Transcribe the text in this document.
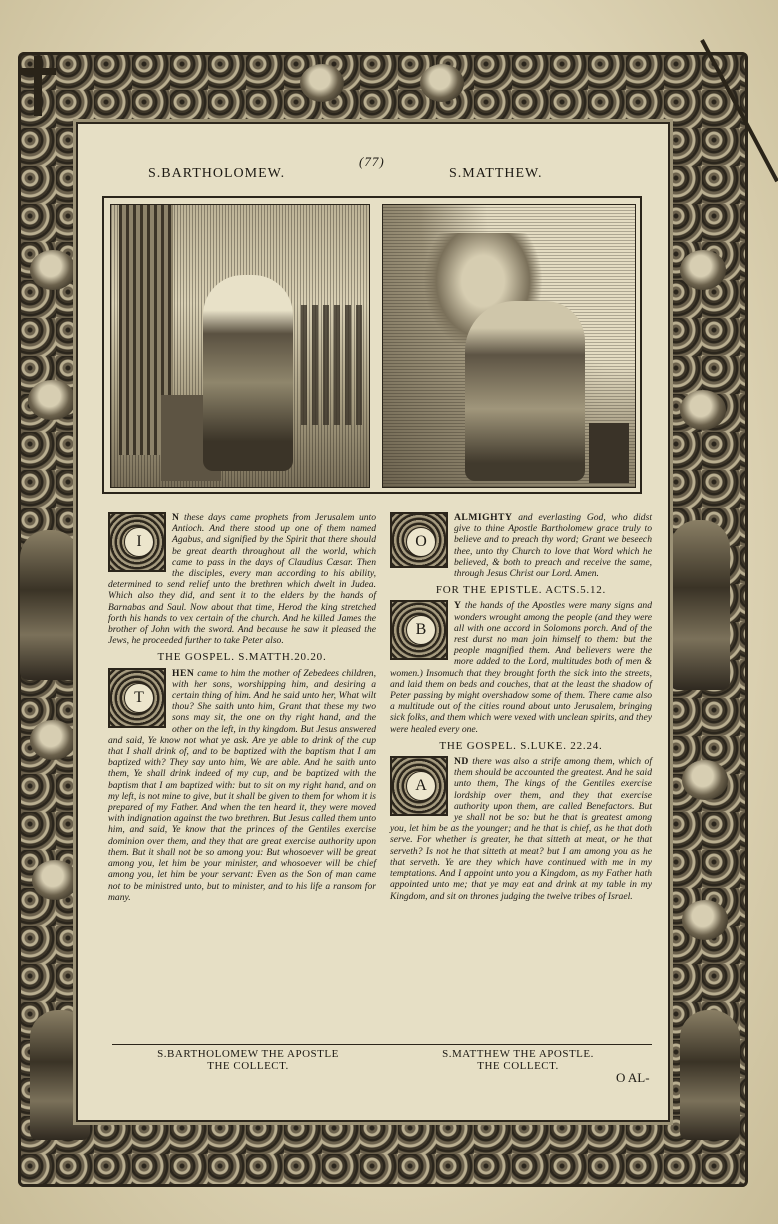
S.BARTHOLOMEW.
(77)
S.MATTHEW.

I
N these days came prophets from Jerusalem unto Antioch. And there stood up one of them named Agabus, and signified by the Spirit that there should be great dearth throughout all the world, which came to pass in the days of Claudius Cæsar. Then the disciples, every man according to his ability, determined to send relief unto the brethren which dwelt in Judea. Which also they did, and sent it to the elders by the hands of Barnabas and Saul. Now about that time, Herod the king stretched forth his hands to vex certain of the church. And he killed James the brother of John with the sword. And because he saw it pleased the Jews, he proceeded further to take Peter also.

THE GOSPEL. S.MATTH.20.20.

T
HEN came to him the mother of Zebedees children, with her sons, worshipping him, and desiring a certain thing of him. And he said unto her, What wilt thou? She saith unto him, Grant that these my two sons may sit, the one on thy right hand, and the other on the left, in thy kingdom. But Jesus answered and said, Ye know not what ye ask. Are ye able to drink of the cup that I shall drink of, and to be baptized with the baptism that I am baptized with? They say unto him, We are able. And he saith unto them, Ye shall drink indeed of my cup, and be baptized with the baptism that I am baptized with: but to sit on my right hand, and on my left, is not mine to give, but it shall be given to them for whom it is prepared of my Father. And when the ten heard it, they were moved with indignation against the two brethren. But Jesus called them unto him, and said, Ye know that the princes of the Gentiles exercise dominion over them, and they that are great exercise authority upon them. But it shall not be so among you: But whosoever will be great among you, let him be your minister, and whosoever will be chief among you, let him be your servant: Even as the Son of man came not to be ministred unto, but to minister, and to his life a ransom for many.

O
ALMIGHTY and everlasting God, who didst give to thine Apostle Bartholomew grace truly to believe and to preach thy word; Grant we beseech thee, unto thy Church to love that Word which he believed, & both to preach and receive the same, through Jesus Christ our Lord. Amen.

FOR THE EPISTLE. ACTS.5.12.

B
Y the hands of the Apostles were many signs and wonders wrought among the people (and they were all with one accord in Solomons porch. And of the rest durst no man join himself to them: but the people magnified them. And believers were the more added to the Lord, multitudes both of men & women.) Insomuch that they brought forth the sick into the streets, and laid them on beds and couches, that at the least the shadow of Peter passing by might overshadow some of them. There came also a multitude out of the cities round about unto Jerusalem, bringing sick folks, and them which were vexed with unclean spirits, and they were healed every one.

THE GOSPEL. S.LUKE. 22.24.

A
ND there was also a strife among them, which of them should be accounted the greatest. And he said unto them, The kings of the Gentiles exercise lordship over them, and they that exercise authority upon them, are called Benefactors. But ye shall not be so: but he that is greatest among you, let him be as the younger; and he that is chief, as he that doth serve. For whether is greater, he that sitteth at meat, or he that serveth? Is not he that sitteth at meat? but I am among you as he that serveth. Ye are they which have continued with me in my temptations. And I appoint unto you a Kingdom, as my Father hath appointed unto me; that ye may eat and drink at my table in my Kingdom, and sit on thrones judging the twelve tribes of Israel.

S.BARTHOLOMEW THE APOSTLE
THE COLLECT.
S.MATTHEW THE APOSTLE.
THE COLLECT.
O AL-
